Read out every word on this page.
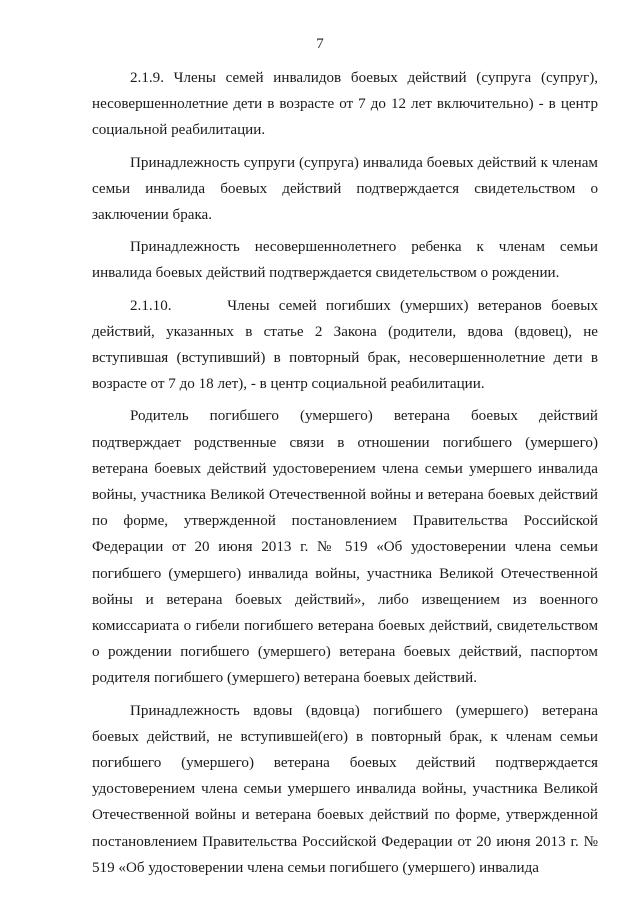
7

2.1.9. Члены семей инвалидов боевых действий (супруга (супруг), несовершеннолетние дети в возрасте от 7 до 12 лет включительно) - в центр социальной реабилитации.

Принадлежность супруги (супруга) инвалида боевых действий к членам семьи инвалида боевых действий подтверждается свидетельством о заключении брака.

Принадлежность несовершеннолетнего ребенка к членам семьи инвалида боевых действий подтверждается свидетельством о рождении.

2.1.10.      Члены семей погибших (умерших) ветеранов боевых действий, указанных в статье 2 Закона (родители, вдова (вдовец), не вступившая (вступивший) в повторный брак, несовершеннолетние дети в возрасте от 7 до 18 лет), - в центр социальной реабилитации.

Родитель погибшего (умершего) ветерана боевых действий подтверждает родственные связи в отношении погибшего (умершего) ветерана боевых действий удостоверением члена семьи умершего инвалида войны, участника Великой Отечественной войны и ветерана боевых действий по форме, утвержденной постановлением Правительства Российской Федерации от 20 июня 2013 г. № 519 «Об удостоверении члена семьи погибшего (умершего) инвалида войны, участника Великой Отечественной войны и ветерана боевых действий», либо извещением из военного комиссариата о гибели погибшего ветерана боевых действий, свидетельством о рождении погибшего (умершего) ветерана боевых действий, паспортом родителя погибшего (умершего) ветерана боевых действий.

Принадлежность вдовы (вдовца) погибшего (умершего) ветерана боевых действий, не вступившей(его) в повторный брак, к членам семьи погибшего (умершего) ветерана боевых действий подтверждается удостоверением члена семьи умершего инвалида войны, участника Великой Отечественной войны и ветерана боевых действий по форме, утвержденной постановлением Правительства Российской Федерации от 20 июня 2013 г. № 519 «Об удостоверении члена семьи погибшего (умершего) инвалида
